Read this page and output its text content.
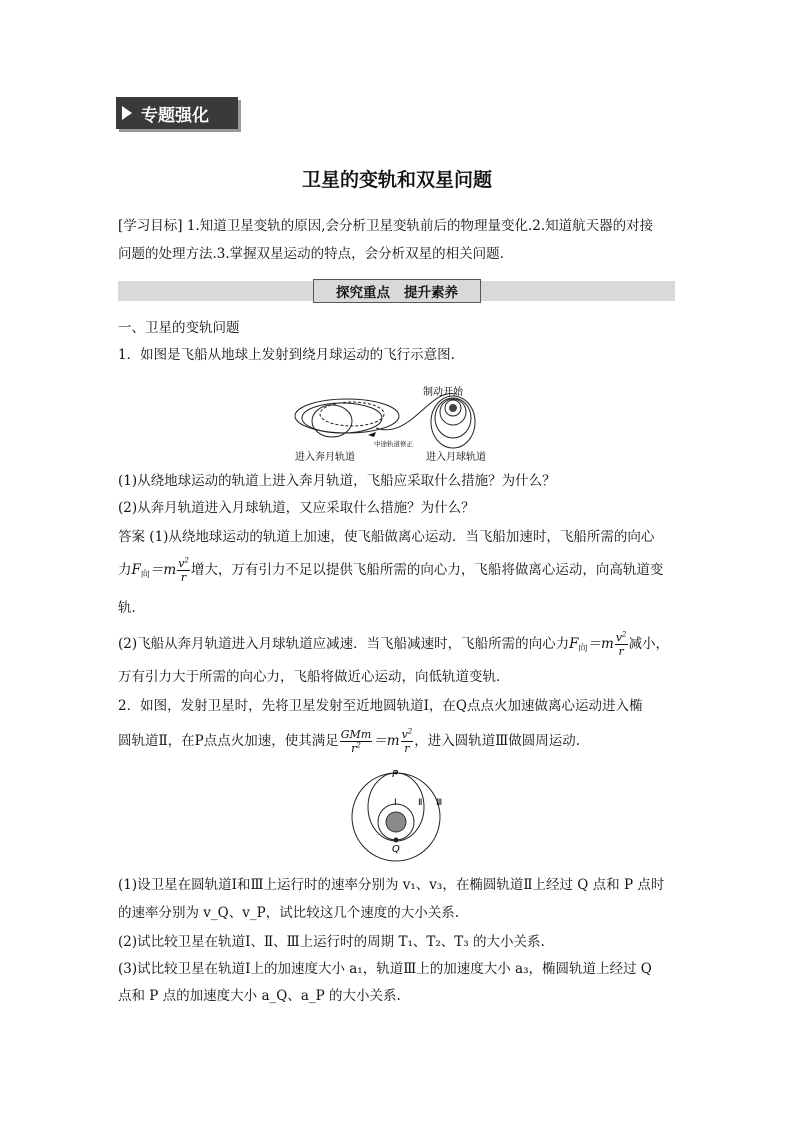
专题强化
卫星的变轨和双星问题
[学习目标] 1.知道卫星变轨的原因,会分析卫星变轨前后的物理量变化.2.知道航天器的对接
问题的处理方法.3.掌握双星运动的特点，会分析双星的相关问题.
探究重点 提升素养
一、卫星的变轨问题
1．如图是飞船从地球上发射到绕月球运动的飞行示意图.
制动开始
中途轨道修正
进入奔月轨道	进入月球轨道
(1)从绕地球运动的轨道上进入奔月轨道，飞船应采取什么措施？为什么？
(2)从奔月轨道进入月球轨道，又应采取什么措施？为什么？
答案 (1)从绕地球运动的轨道上加速，使飞船做离心运动．当飞船加速时，飞船所需的向心
力$F_向=m \frac{v^2}{r}$ 增大，万有引力不足以提供飞船所需的向心力，飞船将做离心运动，向高轨道变
轨．
(2)飞船从奔月轨道进入月球轨道应减速．当飞船减速时，飞船所需的向心力$F_向=m \frac{v^2}{r}$ 减小，
万有引力大于所需的向心力，飞船将做近心运动，向低轨道变轨．
2．如图，发射卫星时，先将卫星发射至近地圆轨道Ⅰ，在Q点点火加速做离心运动进入椭
圆轨道Ⅱ，在P点点火加速，使其满足 $\frac{\text{GMm}}{r^2} =m \frac{v^2}{r}$ ，进入圆轨道Ⅲ做圆周运动.
P
Q
Ⅰ Ⅱ Ⅲ
(1)设卫星在圆轨道Ⅰ和Ⅲ上运行时的速率分别为 v₁、v₃，在椭圆轨道Ⅱ上经过 Q 点和 P 点时
的速率分别为 v_Q、v_P，试比较这几个速度的大小关系.
(2)试比较卫星在轨道Ⅰ、Ⅱ、Ⅲ上运行时的周期 T₁、T₂、T₃ 的大小关系.
(3)试比较卫星在轨道Ⅰ上的加速度大小 a₁，轨道Ⅲ上的加速度大小 a₃，椭圆轨道上经过 Q
点和 P 点的加速度大小 a_Q、a_P 的大小关系.
